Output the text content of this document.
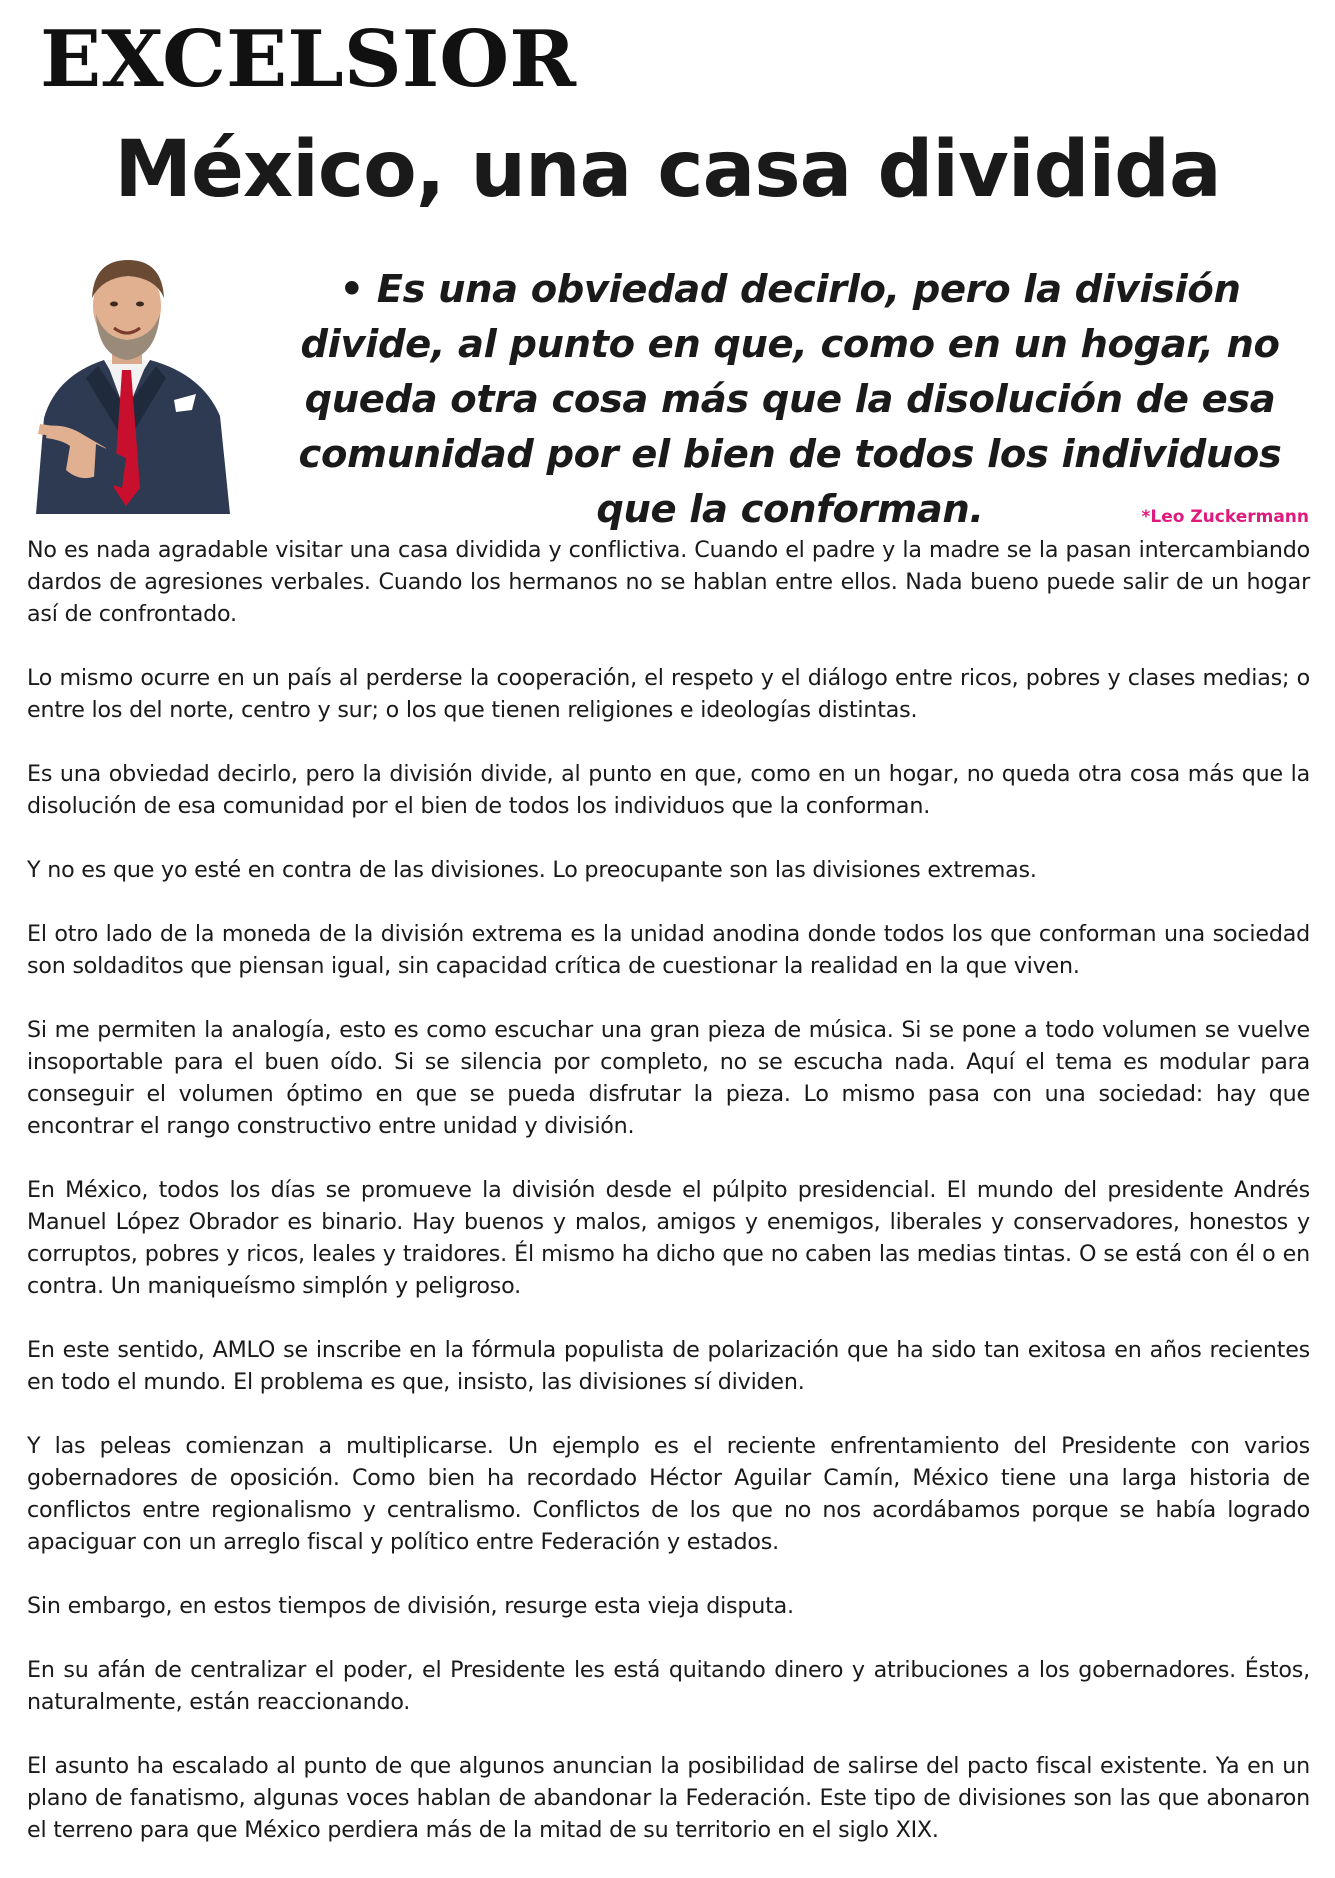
EXCELSIOR
México, una casa dividida

• Es una obviedad decirlo, pero la división divide, al punto en que, como en un hogar, no queda otra cosa más que la disolución de esa comunidad por el bien de todos los individuos que la conforman.	*Leo Zuckermann

No es nada agradable visitar una casa dividida y conflictiva. Cuando el padre y la madre se la pasan intercambiando dardos de agresiones verbales. Cuando los hermanos no se hablan entre ellos. Nada bueno puede salir de un hogar así de confrontado.

Lo mismo ocurre en un país al perderse la cooperación, el respeto y el diálogo entre ricos, pobres y clases medias; o entre los del norte, centro y sur; o los que tienen religiones e ideologías distintas.

Es una obviedad decirlo, pero la división divide, al punto en que, como en un hogar, no queda otra cosa más que la disolución de esa comunidad por el bien de todos los individuos que la conforman.

Y no es que yo esté en contra de las divisiones. Lo preocupante son las divisiones extremas.

El otro lado de la moneda de la división extrema es la unidad anodina donde todos los que conforman una sociedad son soldaditos que piensan igual, sin capacidad crítica de cuestionar la realidad en la que viven.

Si me permiten la analogía, esto es como escuchar una gran pieza de música. Si se pone a todo volumen se vuelve insoportable para el buen oído. Si se silencia por completo, no se escucha nada. Aquí el tema es modular para conseguir el volumen óptimo en que se pueda disfrutar la pieza. Lo mismo pasa con una sociedad: hay que encontrar el rango constructivo entre unidad y división.

En México, todos los días se promueve la división desde el púlpito presidencial. El mundo del presidente Andrés Manuel López Obrador es binario. Hay buenos y malos, amigos y enemigos, liberales y conservadores, honestos y corruptos, pobres y ricos, leales y traidores. Él mismo ha dicho que no caben las medias tintas. O se está con él o en contra. Un maniqueísmo simplón y peligroso.

En este sentido, AMLO se inscribe en la fórmula populista de polarización que ha sido tan exitosa en años recientes en todo el mundo. El problema es que, insisto, las divisiones sí dividen.

Y las peleas comienzan a multiplicarse. Un ejemplo es el reciente enfrentamiento del Presidente con varios gobernadores de oposición. Como bien ha recordado Héctor Aguilar Camín, México tiene una larga historia de conflictos entre regionalismo y centralismo. Conflictos de los que no nos acordábamos porque se había logrado apaciguar con un arreglo fiscal y político entre Federación y estados.

Sin embargo, en estos tiempos de división, resurge esta vieja disputa.

En su afán de centralizar el poder, el Presidente les está quitando dinero y atribuciones a los gobernadores. Éstos, naturalmente, están reaccionando.

El asunto ha escalado al punto de que algunos anuncian la posibilidad de salirse del pacto fiscal existente. Ya en un plano de fanatismo, algunas voces hablan de abandonar la Federación. Este tipo de divisiones son las que abonaron el terreno para que México perdiera más de la mitad de su territorio en el siglo XIX.
